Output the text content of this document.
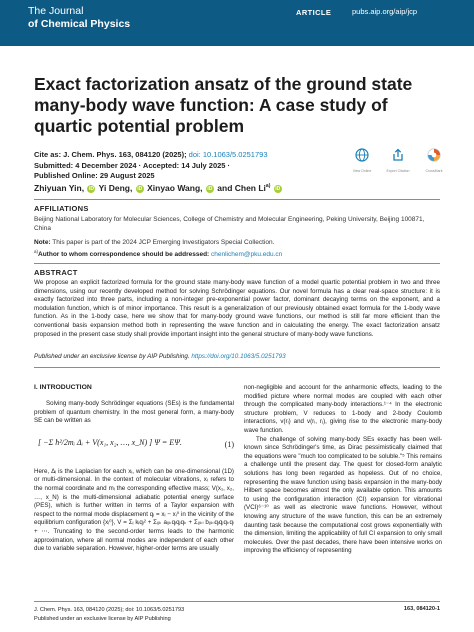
The Journal
of Chemical Physics
ARTICLE	pubs.aip.org/aip/jcp
Exact factorization ansatz of the ground state many-body wave function: A case study of quartic potential problem
Cite as: J. Chem. Phys. 163, 084120 (2025); doi: 10.1063/5.0251793
Submitted: 4 December 2024 · Accepted: 14 July 2025 ·
Published Online: 29 August 2025	View Online	Export Citation	CrossMark
Zhiyuan Yin, iD Yi Deng, iD Xinyao Wang, iD and Chen Li$^{a)}$ iD
AFFILIATIONS
Beijing National Laboratory for Molecular Sciences, College of Chemistry and Molecular Engineering, Peking University, Beijing 100871, China
Note: This paper is part of the 2024 JCP Emerging Investigators Special Collection.
$^{a)}$Author to whom correspondence should be addressed: chenlichem@pku.edu.cn
ABSTRACT
We propose an explicit factorized formula for the ground state many-body wave function of a model quartic potential problem in two and three dimensions, using our recently developed method for solving Schrödinger equations. Our novel formula has a clear real-space structure: it is exactly factorized into three parts, including a non-integer pre-exponential power factor, dominant decaying terms on the exponent, and a modulation function, which is of minor importance. This result is a generalization of our previously obtained exact formula for the 1-body wave function. As in the 1-body case, here we show that for many-body ground wave functions, our method is still far more efficient than the conventional basis expansion method both in representing the wave function and in calculating the energy. The exact factorization ansatz proposed in the present case study shall provide important insight into the general structure of many-body wave functions.
Published under an exclusive license by AIP Publishing. https://doi.org/10.1063/5.0251793
I. INTRODUCTION
Solving many-body Schrödinger equations (SEs) is the fundamental problem of quantum chemistry. In the most general form, a many-body SE can be written as
[ −Σ ħ²/2mᵢ Δᵢ + V(x₁, x₂, …, x_N) ] Ψ = EΨ.	(1)
Here, Δᵢ is the Laplacian for each xᵢ, which can be one-dimensional (1D) or multi-dimensional. In the context of molecular vibrations, xᵢ refers to the normal coordinate and mᵢ the corresponding effective mass; V(x₁, x₂, …, x_N) is the multi-dimensional adiabatic potential energy surface (PES), which is further written in terms of a Taylor expansion with respect to the normal mode displacement qᵢ = xᵢ − xᵢ⁰ in the vicinity of the equilibrium configuration {xᵢ⁰}, V = Σᵢ kᵢqᵢ² + Σᵢⱼₖ aᵢⱼₖqᵢqⱼqₖ + Σᵢⱼₖₗ bᵢⱼₖₗqᵢqⱼqₖqₗ + ⋯. Truncating to the second-order terms leads to the harmonic approximation, where all normal modes are independent of each other due to variable separation. However, higher-order terms are usually
non-negligible and account for the anharmonic effects, leading to the modified picture where normal modes are coupled with each other through the complicated many-body interactions.¹⁻⁴ In the electronic structure problem, V reduces to 1-body and 2-body Coulomb interactions, v(rᵢ) and v(rᵢ, rⱼ), giving rise to the electronic many-body wave function.
The challenge of solving many-body SEs exactly has been well-known since Schrödinger's time, as Dirac pessimistically claimed that the equations were "much too complicated to be soluble."⁵ This remains a challenge until the present day. The quest for closed-form analytic solutions has long been regarded as hopeless. Out of no choice, representing the wave function using basis expansion in the many-body Hilbert space becomes almost the only available option. This amounts to using the configuration interaction (CI) expansion for vibrational (VCI)⁶⁻¹⁰ as well as electronic wave functions. However, without knowing any structure of the wave function, this can be an extremely daunting task because the computational cost grows exponentially with the dimension, limiting the applicability of full CI expansion to only small molecules. Over the past decades, there have been intensive works on improving the efficiency of representing
J. Chem. Phys. 163, 084120 (2025); doi: 10.1063/5.0251793
Published under an exclusive license by AIP Publishing
163, 084120-1
